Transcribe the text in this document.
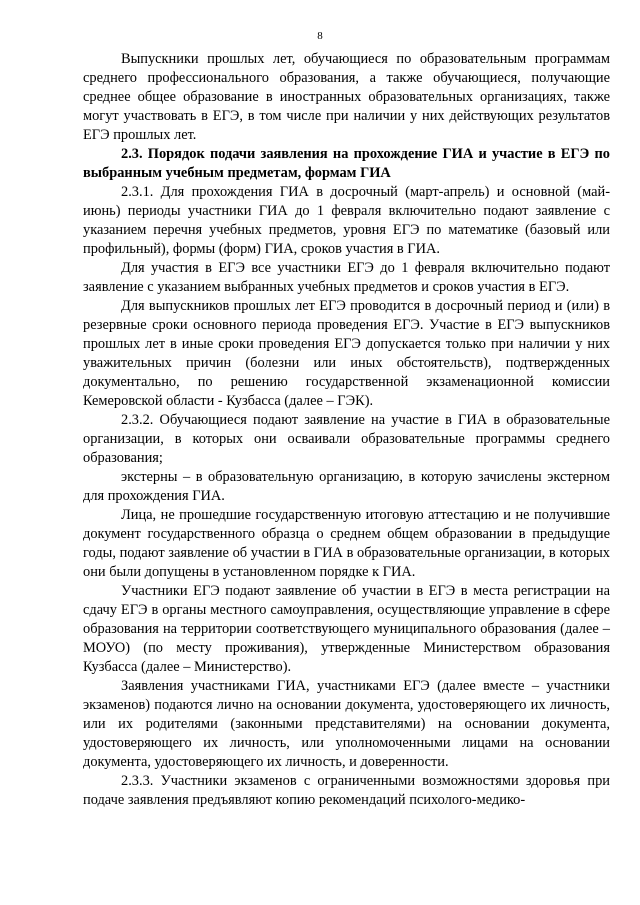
8

Выпускники прошлых лет, обучающиеся по образовательным программам среднего профессионального образования, а также обучающиеся, получающие среднее общее образование в иностранных образовательных организациях, также могут участвовать в ЕГЭ, в том числе при наличии у них действующих результатов ЕГЭ прошлых лет.

2.3. Порядок подачи заявления на прохождение ГИА и участие в ЕГЭ по выбранным учебным предметам, формам ГИА

2.3.1. Для прохождения ГИА в досрочный (март-апрель) и основной (май-июнь) периоды участники ГИА до 1 февраля включительно подают заявление с указанием перечня учебных предметов, уровня ЕГЭ по математике (базовый или профильный), формы (форм) ГИА, сроков участия в ГИА.

Для участия в ЕГЭ все участники ЕГЭ до 1 февраля включительно подают заявление с указанием выбранных учебных предметов и сроков участия в ЕГЭ.

Для выпускников прошлых лет ЕГЭ проводится в досрочный период и (или) в резервные сроки основного периода проведения ЕГЭ. Участие в ЕГЭ выпускников прошлых лет в иные сроки проведения ЕГЭ допускается только при наличии у них уважительных причин (болезни или иных обстоятельств), подтвержденных документально, по решению государственной экзаменационной комиссии Кемеровской области - Кузбасса (далее – ГЭК).

2.3.2. Обучающиеся подают заявление на участие в ГИА в образовательные организации, в которых они осваивали образовательные программы среднего образования;

экстерны – в образовательную организацию, в которую зачислены экстерном для прохождения ГИА.

Лица, не прошедшие государственную итоговую аттестацию и не получившие документ государственного образца о среднем общем образовании в предыдущие годы, подают заявление об участии в ГИА в образовательные организации, в которых они были допущены в установленном порядке к ГИА.

Участники ЕГЭ подают заявление об участии в ЕГЭ в места регистрации на сдачу ЕГЭ в органы местного самоуправления, осуществляющие управление в сфере образования на территории соответствующего муниципального образования (далее – МОУО) (по месту проживания), утвержденные Министерством образования Кузбасса (далее – Министерство).

Заявления участниками ГИА, участниками ЕГЭ (далее вместе – участники экзаменов) подаются лично на основании документа, удостоверяющего их личность, или их родителями (законными представителями) на основании документа, удостоверяющего их личность, или уполномоченными лицами на основании документа, удостоверяющего их личность, и доверенности.

2.3.3. Участники экзаменов с ограниченными возможностями здоровья при подаче заявления предъявляют копию рекомендаций психолого-медико-
